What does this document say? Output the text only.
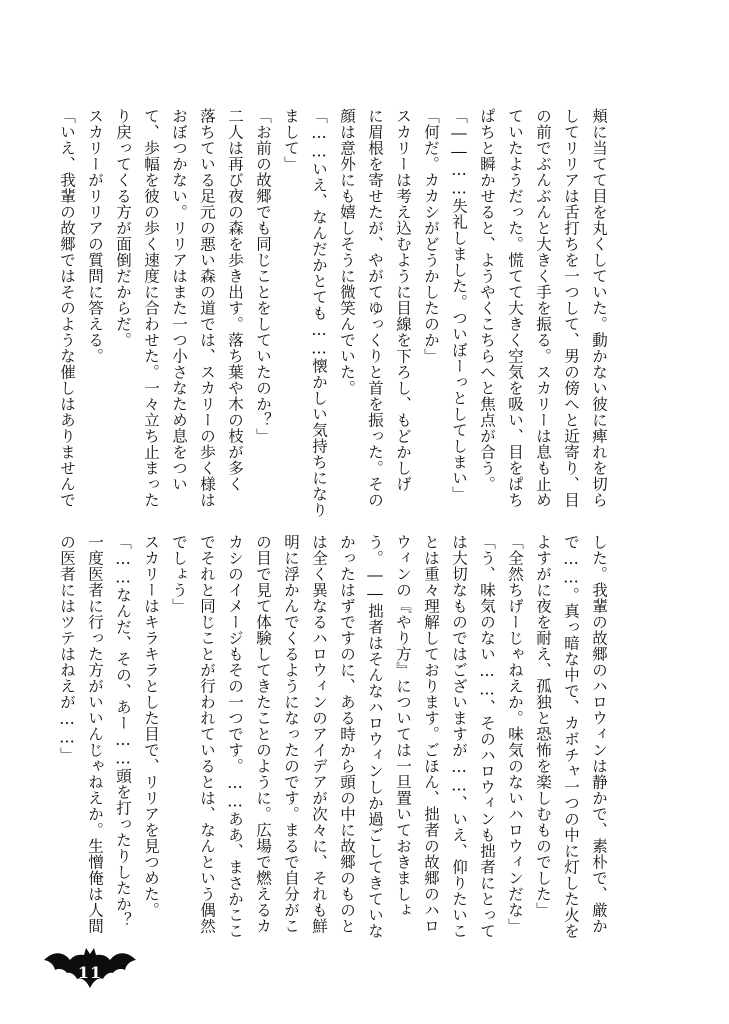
頬に当てて目を丸くしていた。動かない彼に痺れを切ら
してリリアは舌打ちを一つして、男の傍へと近寄り、目
の前でぶんぶんと大きく手を振る。スカリーは息も止め
ていたようだった。慌てて大きく空気を吸い、目をぱち
ぱちと瞬かせると、ようやくこちらへと焦点が合う。
「――……失礼しました。ついぼーっとしてしまい」
「何だ。カカシがどうかしたのか」
スカリーは考え込むように目線を下ろし、もどかしげ
に眉根を寄せたが、やがてゆっくりと首を振った。その
顔は意外にも嬉しそうに微笑んでいた。
「……いえ、なんだかとても……懐かしい気持ちになり
まして」
「お前の故郷でも同じことをしていたのか？」
二人は再び夜の森を歩き出す。落ち葉や木の枝が多く
落ちている足元の悪い森の道では、スカリーの歩く様は
おぼつかない。リリアはまた一つ小さなため息をつい
て、歩幅を彼の歩く速度に合わせた。一々立ち止まった
り戻ってくる方が面倒だからだ。
スカリーがリリアの質問に答える。
「いえ、我輩の故郷ではそのような催しはありませんで
した。我輩の故郷のハロウィンは静かで、素朴で、厳か
で……。真っ暗な中で、カボチャ一つの中に灯した火を
よすがに夜を耐え、孤独と恐怖を楽しむものでした」
「全然ちげーじゃねえか。味気のないハロウィンだな」
「う、味気のない……、そのハロウィンも拙者にとって
は大切なものではございますが……、いえ、仰りたいこ
とは重々理解しております。ごほん、拙者の故郷のハロ
ウィンの『やり方』については一旦置いておきましょ
う。――拙者はそんなハロウィンしか過ごしてきていな
かったはずですのに、ある時から頭の中に故郷のものと
は全く異なるハロウィンのアイデアが次々に、それも鮮
明に浮かんでくるようになったのです。まるで自分がこ
の目で見て体験してきたことのように。広場で燃えるカ
カシのイメージもその一つです。……ああ、まさかここ
でそれと同じことが行われているとは、なんという偶然
でしょう」
スカリーはキラキラとした目で、リリアを見つめた。
「……なんだ、その、あー……頭を打ったりしたか？
一度医者に行った方がいいんじゃねえか。生憎俺は人間
の医者にはツテはねえが……」
11
